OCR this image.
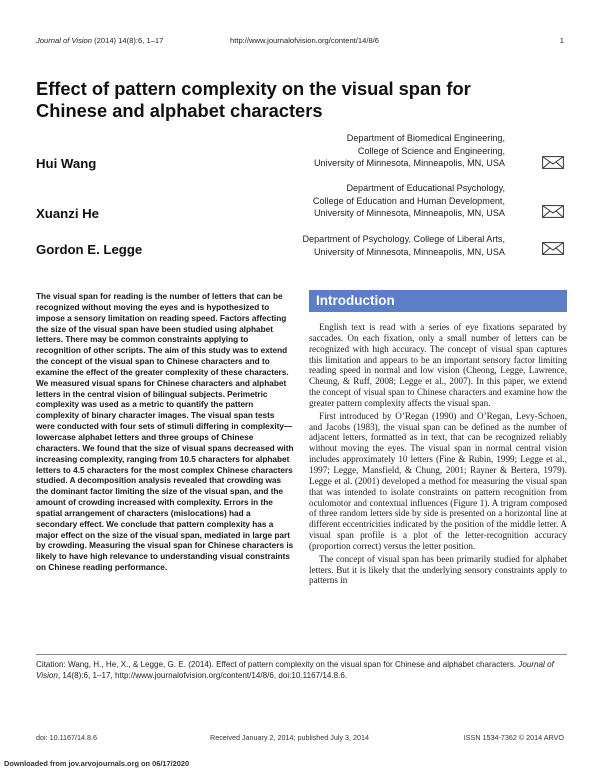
Journal of Vision (2014) 14(8):6, 1–17	http://www.journalofvision.org/content/14/8/6	1
Effect of pattern complexity on the visual span for Chinese and alphabet characters
Hui Wang
Department of Biomedical Engineering,
College of Science and Engineering,
University of Minnesota, Minneapolis, MN, USA
Xuanzi He
Department of Educational Psychology,
College of Education and Human Development,
University of Minnesota, Minneapolis, MN, USA
Gordon E. Legge
Department of Psychology, College of Liberal Arts,
University of Minnesota, Minneapolis, MN, USA
The visual span for reading is the number of letters that can be recognized without moving the eyes and is hypothesized to impose a sensory limitation on reading speed. Factors affecting the size of the visual span have been studied using alphabet letters. There may be common constraints applying to recognition of other scripts. The aim of this study was to extend the concept of the visual span to Chinese characters and to examine the effect of the greater complexity of these characters. We measured visual spans for Chinese characters and alphabet letters in the central vision of bilingual subjects. Perimetric complexity was used as a metric to quantify the pattern complexity of binary character images. The visual span tests were conducted with four sets of stimuli differing in complexity—lowercase alphabet letters and three groups of Chinese characters. We found that the size of visual spans decreased with increasing complexity, ranging from 10.5 characters for alphabet letters to 4.5 characters for the most complex Chinese characters studied. A decomposition analysis revealed that crowding was the dominant factor limiting the size of the visual span, and the amount of crowding increased with complexity. Errors in the spatial arrangement of characters (mislocations) had a secondary effect. We conclude that pattern complexity has a major effect on the size of the visual span, mediated in large part by crowding. Measuring the visual span for Chinese characters is likely to have high relevance to understanding visual constraints on Chinese reading performance.
Introduction

English text is read with a series of eye fixations separated by saccades. On each fixation, only a small number of letters can be recognized with high accuracy. The concept of visual span captures this limitation and appears to be an important sensory factor limiting reading speed in normal and low vision (Cheong, Legge, Lawrence, Cheung, & Ruff, 2008; Legge et al., 2007). In this paper, we extend the concept of visual span to Chinese characters and examine how the greater pattern complexity affects the visual span.

First introduced by O’Regan (1990) and O’Regan, Levy-Schoen, and Jacobs (1983), the visual span can be defined as the number of adjacent letters, formatted as in text, that can be recognized reliably without moving the eyes. The visual span in normal central vision includes approximately 10 letters (Fine & Rubin, 1999; Legge et al., 1997; Legge, Mansfield, & Chung, 2001; Rayner & Bertera, 1979). Legge et al. (2001) developed a method for measuring the visual span that was intended to isolate constraints on pattern recognition from oculomotor and contextual influences (Figure 1). A trigram composed of three random letters side by side is presented on a horizontal line at different eccentricities indicated by the position of the middle letter. A visual span profile is a plot of the letter-recognition accuracy (proportion correct) versus the letter position.

The concept of visual span has been primarily studied for alphabet letters. But it is likely that the underlying sensory constraints apply to patterns in

Citation: Wang, H., He, X., & Legge, G. E. (2014). Effect of pattern complexity on the visual span for Chinese and alphabet characters. Journal of Vision, 14(8):6, 1–17, http://www.journalofvision.org/content/14/8/6, doi:10.1167/14.8.6.
doi: 10.1167/14.8.6	Received January 2, 2014; published July 3, 2014	ISSN 1534-7362 © 2014 ARVO
Downloaded from jov.arvojournals.org on 06/17/2020
